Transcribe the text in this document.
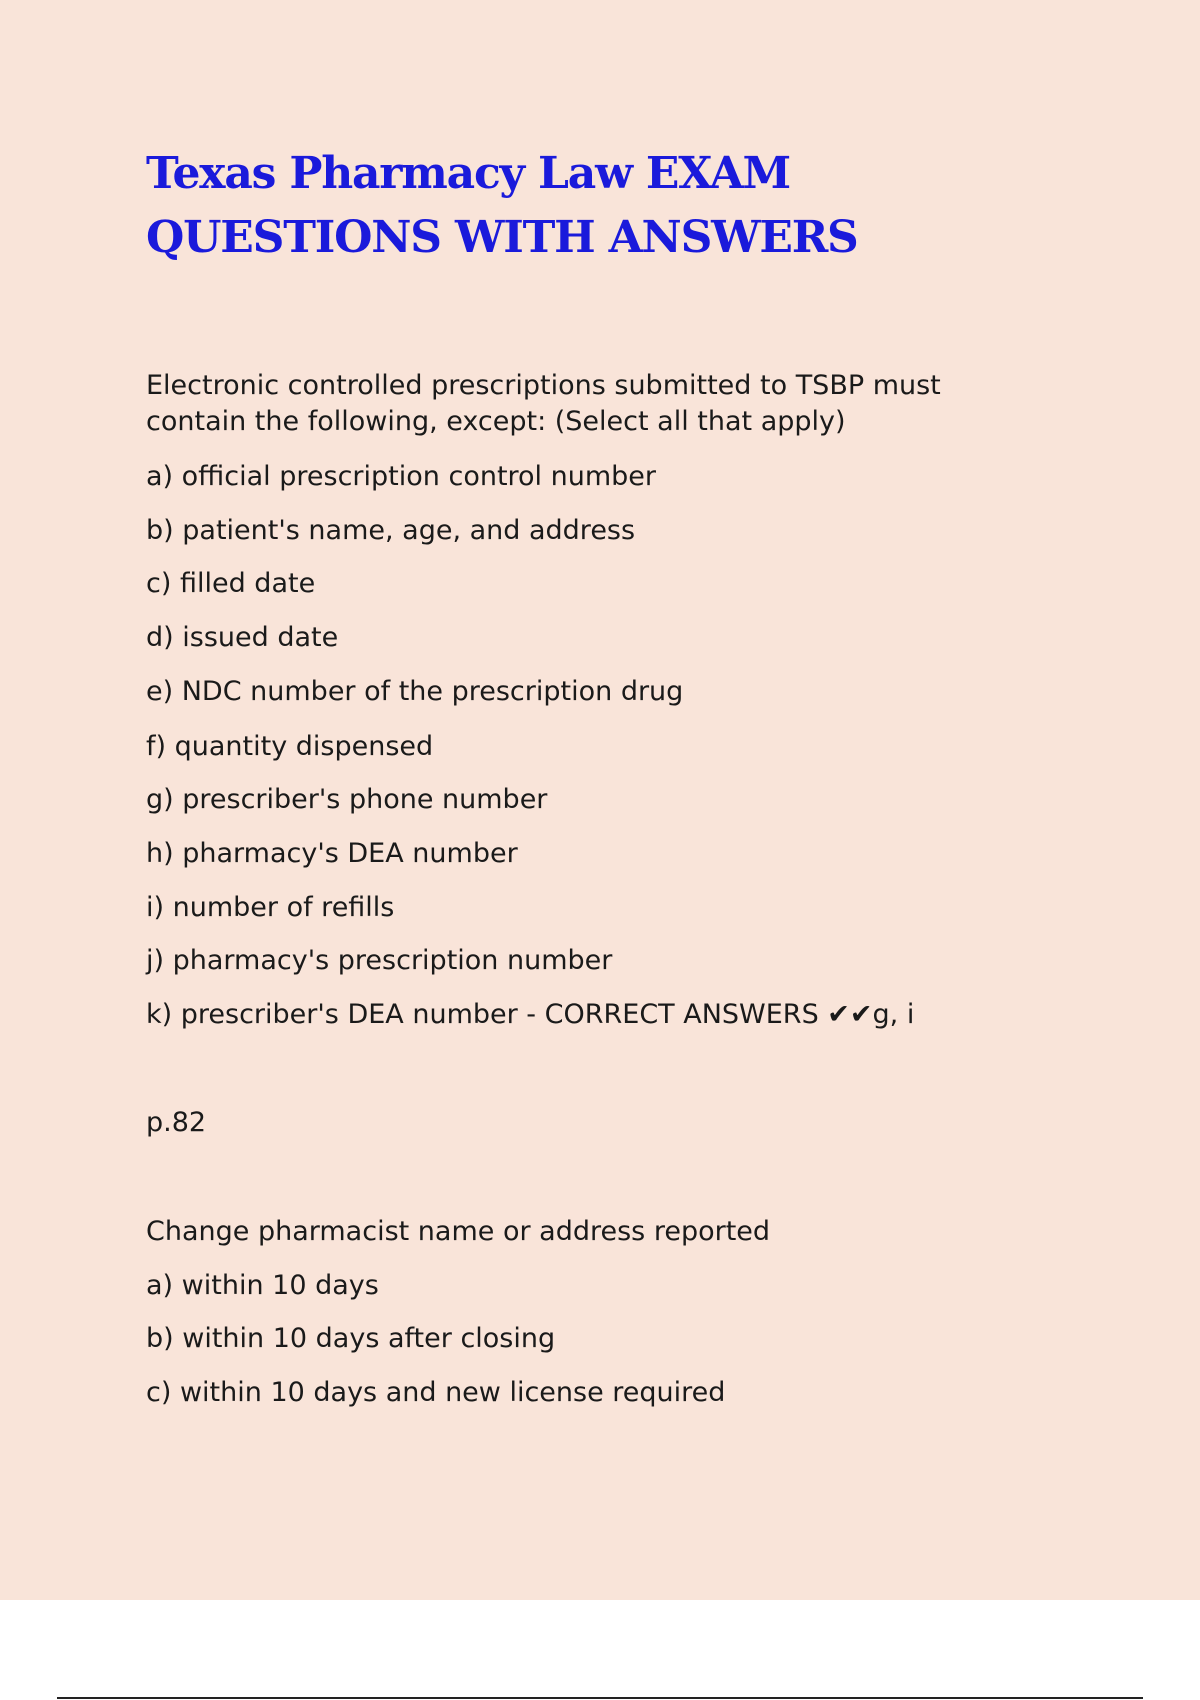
Texas Pharmacy Law EXAM QUESTIONS WITH ANSWERS

Electronic controlled prescriptions submitted to TSBP must contain the following, except: (Select all that apply)

a) official prescription control number

b) patient's name, age, and address

c) filled date

d) issued date

e) NDC number of the prescription drug

f) quantity dispensed

g) prescriber's phone number

h) pharmacy's DEA number

i) number of refills

j) pharmacy's prescription number

k) prescriber's DEA number - CORRECT ANSWERS ✔✔g, i

p.82

Change pharmacist name or address reported

a) within 10 days

b) within 10 days after closing

c) within 10 days and new license required
